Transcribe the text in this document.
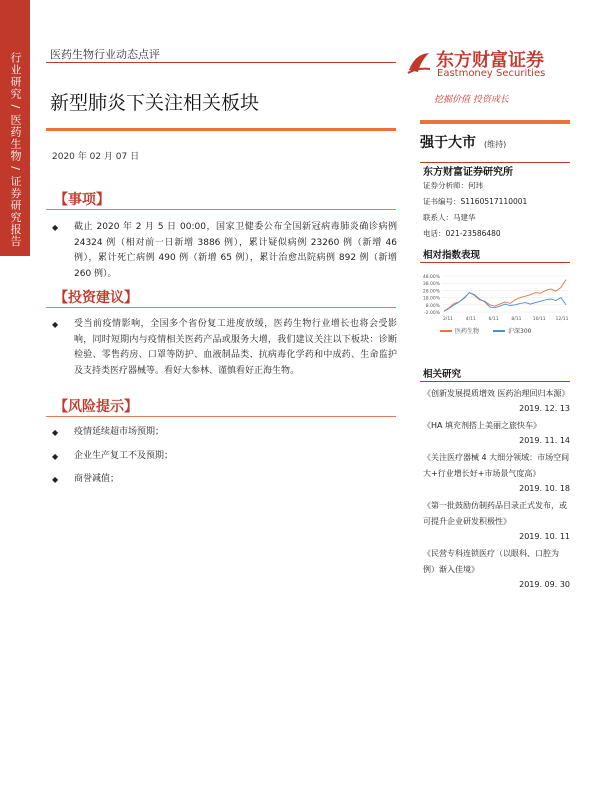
行业研究 / 医药生物 / 证券研究报告	医药生物行业动态点评
新型肺炎下关注相关板块
2020 年 02 月 07 日
东方财富证券
Eastmoney Securities
挖掘价值 投资成长
强于大市 (维持)
东方财富证券研究所
证券分析师：何玮
证书编号：S1160517110001
联系人：马建华
电话：021-23586480
相对指数表现
48.00%
38.00%
28.00%
18.00%
8.00%
-2.00%
2/11	4/11	6/11	8/11	10/11 12/11
医药生物	沪深300
相关研究
《创新发展提质增效 医药治理回归本源》
2019. 12. 13
《HA 填充剂搭上美丽之旅快车》
2019. 11. 14
《关注医疗器械 4 大细分领域：市场空间大+行业增长好+市场景气度高》
2019. 10. 18
《第一批鼓励仿制药品目录正式发布，或可提升企业研发积极性》
2019. 10. 11
《民营专科连锁医疗（以眼科、口腔为例）渐入佳境》
2019. 09. 30
【事项】
◆	截止 2020 年 2 月 5 日 00:00，国家卫健委公布全国新冠病毒肺炎确诊病例 24324 例（相对前一日新增 3886 例），累计疑似病例 23260 例（新增 46 例），累计死亡病例 490 例（新增 65 例），累计治愈出院病例 892 例（新增 260 例）。
【投资建议】
◆	受当前疫情影响，全国多个省份复工进度放缓，医药生物行业增长也将会受影响，同时短期内与疫情相关医药产品或服务大增，我们建议关注以下板块：诊断检验、零售药房、口罩等防护、血液制品类、抗病毒化学药和中成药、生命监护及支持类医疗器械等。看好大参林、谨慎看好正海生物。
【风险提示】
◆	疫情延续超市场预期；
◆	企业生产复工不及预期；
◆	商誉减值；
